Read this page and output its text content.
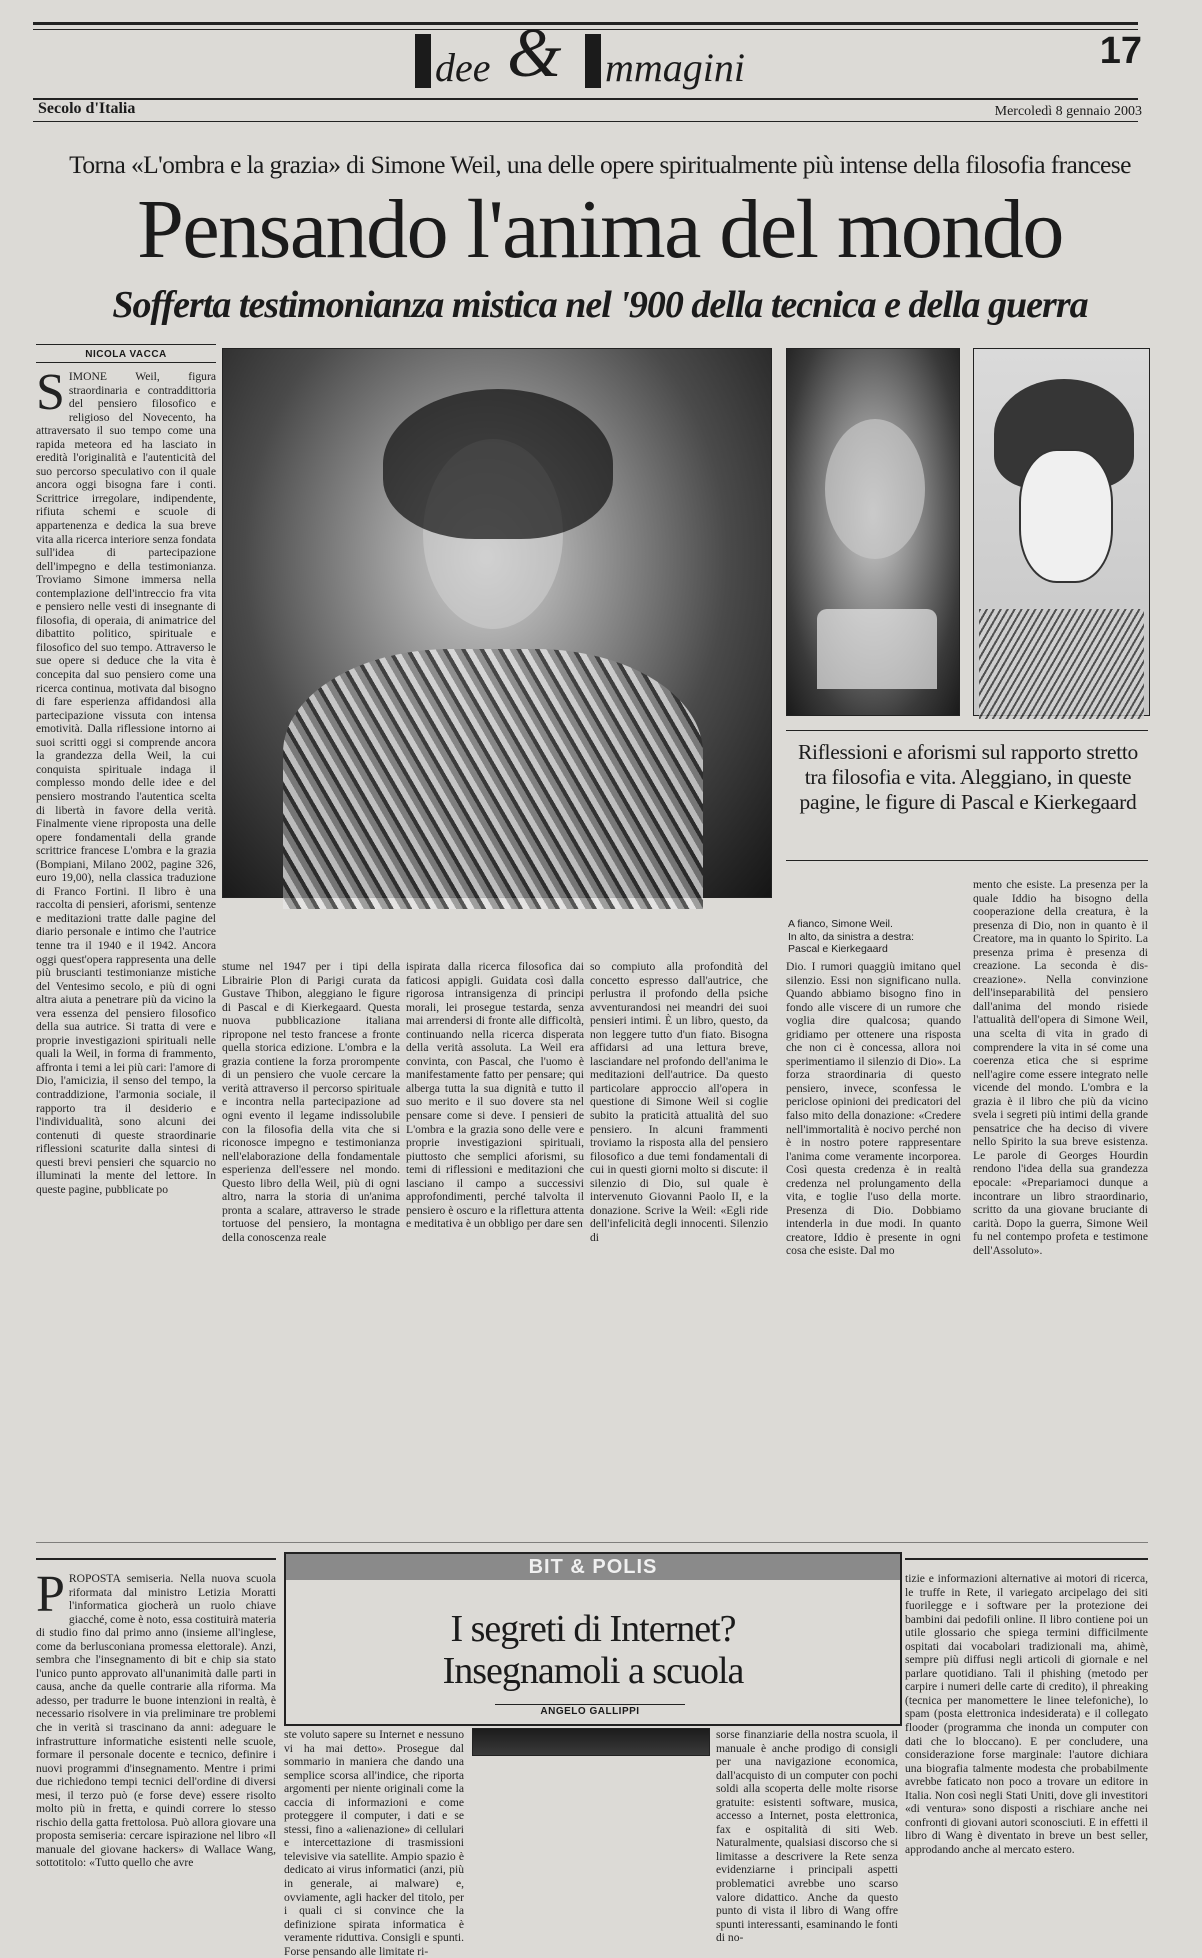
dee & mmagini	17
Secolo d'Italia	Mercoledì 8 gennaio 2003
Torna «L'ombra e la grazia» di Simone Weil, una delle opere spiritualmente più intense della filosofia francese
Pensando l'anima del mondo
Sofferta testimonianza mistica nel '900 della tecnica e della guerra
NICOLA VACCA
Riflessioni e aforismi sul rapporto stretto tra filosofia e vita. Aleggiano, in queste pagine, le figure di Pascal e Kierkegaard
A fianco, Simone Weil.
In alto, da sinistra a destra:
Pascal e Kierkegaard
SIMONE Weil, figura straordinaria e contraddittoria del pensiero filosofico e religioso del Novecento, ha attraversato il suo tempo come una rapida meteora ed ha lasciato in eredità l'originalità e l'autenticità del suo percorso speculativo con il quale ancora oggi bisogna fare i conti. Scrittrice irregolare, indipendente, rifiuta schemi e scuole di appartenenza e dedica la sua breve vita alla ricerca interiore senza fondata sull'idea di partecipazione dell'impegno e della testimonianza. Troviamo Simone immersa nella contemplazione dell'intreccio fra vita e pensiero nelle vesti di insegnante di filosofia, di operaia, di animatrice del dibattito politico, spirituale e filosofico del suo tempo. Attraverso le sue opere si deduce che la vita è concepita dal suo pensiero come una ricerca continua, motivata dal bisogno di fare esperienza affidandosi alla partecipazione vissuta con intensa emotività. Dalla riflessione intorno ai suoi scritti oggi si comprende ancora la grandezza della Weil, la cui conquista spirituale indaga il complesso mondo delle idee e del pensiero mostrando l'autentica scelta di libertà in favore della verità. Finalmente viene riproposta una delle opere fondamentali della grande scrittrice francese L'ombra e la grazia (Bompiani, Milano 2002, pagine 326, euro 19,00), nella classica traduzione di Franco Fortini. Il libro è una raccolta di pensieri, aforismi, sentenze e meditazioni tratte dalle pagine del diario personale e intimo che l'autrice tenne tra il 1940 e il 1942. Ancora oggi quest'opera rappresenta una delle più bruscianti testimonianze mistiche del Ventesimo secolo, e più di ogni altra aiuta a penetrare più da vicino la vera essenza del pensiero filosofico della sua autrice. Si tratta di vere e proprie investigazioni spirituali nelle quali la Weil, in forma di frammento, affronta i temi a lei più cari: l'amore di Dio, l'amicizia, il senso del tempo, la contraddizione, l'armonia sociale, il rapporto tra il desiderio e l'individualità, sono alcuni dei contenuti di queste straordinarie riflessioni scaturite dalla sintesi di questi brevi pensieri che squarcio no illuminati la mente del lettore. In queste pagine, pubblicate po
stume nel 1947 per i tipi della Librairie Plon di Parigi curata da Gustave Thibon, aleggiano le figure di Pascal e di Kierkegaard. Questa nuova pubblicazione italiana ripropone nel testo francese a fronte quella storica edizione. L'ombra e la grazia contiene la forza prorompente di un pensiero che vuole cercare la verità attraverso il percorso spirituale e incontra nella partecipazione ad ogni evento il legame indissolubile con la filosofia della vita che si riconosce impegno e testimonianza nell'elaborazione della fondamentale esperienza dell'essere nel mondo. Questo libro della Weil, più di ogni altro, narra la storia di un'anima pronta a scalare, attraverso le strade tortuose del pensiero, la montagna della conoscenza reale
ispirata dalla ricerca filosofica dai faticosi appigli. Guidata così dalla rigorosa intransigenza di principi morali, lei prosegue testarda, senza mai arrendersi di fronte alle difficoltà, continuando nella ricerca disperata della verità assoluta. La Weil era convinta, con Pascal, che l'uomo è manifestamente fatto per pensare; qui alberga tutta la sua dignità e tutto il suo merito e il suo dovere sta nel pensare come si deve. I pensieri de L'ombra e la grazia sono delle vere e proprie investigazioni spirituali, piuttosto che semplici aforismi, su temi di riflessioni e meditazioni che lasciano il campo a successivi approfondimenti, perché talvolta il pensiero è oscuro e la riflettura attenta e meditativa è un obbligo per dare sen
so compiuto alla profondità del concetto espresso dall'autrice, che perlustra il profondo della psiche avventurandosi nei meandri dei suoi pensieri intimi. È un libro, questo, da non leggere tutto d'un fiato. Bisogna affidarsi ad una lettura breve, lasciandare nel profondo dell'anima le meditazioni dell'autrice. Da questo particolare approccio all'opera in questione di Simone Weil si coglie subito la praticità attualità del suo pensiero. In alcuni frammenti troviamo la risposta alla del pensiero filosofico a due temi fondamentali di cui in questi giorni molto si discute: il silenzio di Dio, sul quale è intervenuto Giovanni Paolo II, e la donazione. Scrive la Weil: «Egli ride dell'infelicità degli innocenti. Silenzio di
Dio. I rumori quaggiù imitano quel silenzio. Essi non significano nulla. Quando abbiamo bisogno fino in fondo alle viscere di un rumore che voglia dire qualcosa; quando gridiamo per ottenere una risposta che non ci è concessa, allora noi sperimentiamo il silenzio di Dio». La forza straordinaria di questo pensiero, invece, sconfessa le periclose opinioni dei predicatori del falso mito della donazione: «Credere nell'immortalità è nocivo perché non è in nostro potere rappresentare l'anima come veramente incorporea. Così questa credenza è in realtà credenza nel prolungamento della vita, e toglie l'uso della morte. Presenza di Dio. Dobbiamo intenderla in due modi. In quanto creatore, Iddio è presente in ogni cosa che esiste. Dal mo
mento che esiste. La presenza per la quale Iddio ha bisogno della cooperazione della creatura, è la presenza di Dio, non in quanto è il Creatore, ma in quanto lo Spirito. La presenza prima è presenza di creazione. La seconda è dis-creazione». Nella convinzione dell'inseparabilità del pensiero dall'anima del mondo risiede l'attualità dell'opera di Simone Weil, una scelta di vita in grado di comprendere la vita in sé come una coerenza etica che si esprime nell'agire come essere integrato nelle vicende del mondo. L'ombra e la grazia è il libro che più da vicino svela i segreti più intimi della grande pensatrice che ha deciso di vivere nello Spirito la sua breve esistenza. Le parole di Georges Hourdin rendono l'idea della sua grandezza epocale: «Prepariamoci dunque a incontrare un libro straordinario, scritto da una giovane bruciante di carità. Dopo la guerra, Simone Weil fu nel contempo profeta e testimone dell'Assoluto».
BIT & POLIS
I segreti di Internet?
Insegnamoli a scuola
ANGELO GALLIPPI
PROPOSTA semiseria. Nella nuova scuola riformata dal ministro Letizia Moratti l'informatica giocherà un ruolo chiave giacché, come è noto, essa costituirà materia di studio fino dal primo anno (insieme all'inglese, come da berlusconiana promessa elettorale). Anzi, sembra che l'insegnamento di bit e chip sia stato l'unico punto approvato all'unanimità dalle parti in causa, anche da quelle contrarie alla riforma. Ma adesso, per tradurre le buone intenzioni in realtà, è necessario risolvere in via preliminare tre problemi che in verità si trascinano da anni: adeguare le infrastrutture informatiche esistenti nelle scuole, formare il personale docente e tecnico, definire i nuovi programmi d'insegnamento. Mentre i primi due richiedono tempi tecnici dell'ordine di diversi mesi, il terzo può (e forse deve) essere risolto molto più in fretta, e quindi correre lo stesso rischio della gatta frettolosa. Può allora giovare una proposta semiseria: cercare ispirazione nel libro «Il manuale del giovane hackers» di Wallace Wang, sottotitolo: «Tutto quello che avre
ste voluto sapere su Internet e nessuno vi ha mai detto». Prosegue dal sommario in maniera che dando una semplice scorsa all'indice, che riporta argomenti per niente originali come la caccia di informazioni e come proteggere il computer, i dati e se stessi, fino a «alienazione» di cellulari e intercettazione di trasmissioni televisive via satellite. Ampio spazio è dedicato ai virus informatici (anzi, più in generale, ai malware) e, ovviamente, agli hacker del titolo, per i quali ci si convince che la definizione spirata informatica è veramente riduttiva. Consigli e spunti. Forse pensando alle limitate ri-
sorse finanziarie della nostra scuola, il manuale è anche prodigo di consigli per una navigazione economica, dall'acquisto di un computer con pochi soldi alla scoperta delle molte risorse gratuite: esistenti software, musica, accesso a Internet, posta elettronica, fax e ospitalità di siti Web. Naturalmente, qualsiasi discorso che si limitasse a descrivere la Rete senza evidenziarne i principali aspetti problematici avrebbe uno scarso valore didattico. Anche da questo punto di vista il libro di Wang offre spunti interessanti, esaminando le fonti di no-
tizie e informazioni alternative ai motori di ricerca, le truffe in Rete, il variegato arcipelago dei siti fuorilegge e i software per la protezione dei bambini dai pedofili online. Il libro contiene poi un utile glossario che spiega termini difficilmente ospitati dai vocabolari tradizionali ma, ahimè, sempre più diffusi negli articoli di giornale e nel parlare quotidiano. Tali il phishing (metodo per carpire i numeri delle carte di credito), il phreaking (tecnica per manomettere le linee telefoniche), lo spam (posta elettronica indesiderata) e il collegato flooder (programma che inonda un computer con dati che lo bloccano). E per concludere, una considerazione forse marginale: l'autore dichiara una biografia talmente modesta che probabilmente avrebbe faticato non poco a trovare un editore in Italia. Non così negli Stati Uniti, dove gli investitori «di ventura» sono disposti a rischiare anche nei confronti di giovani autori sconosciuti. E in effetti il libro di Wang è diventato in breve un best seller, approdando anche al mercato estero.
